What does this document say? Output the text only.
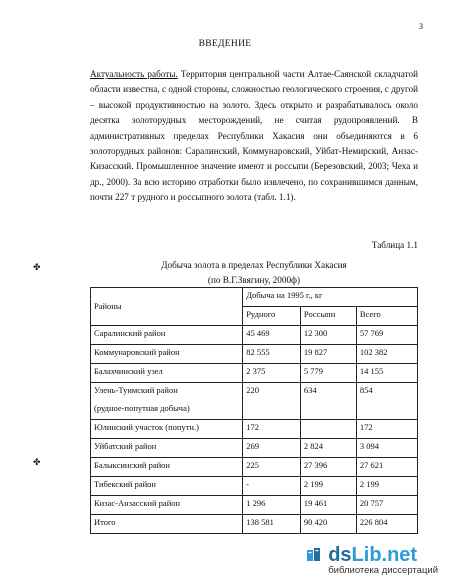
3
ВВЕДЕНИЕ
Актуальность работы. Территория центральной части Алтае-Саянской складчатой области известна, с одной стороны, сложностью геологического строения, с другой – высокой продуктивностью на золото. Здесь открыто и разрабатывалось около десятка золоторудных месторождений, не считая рудопроявлений. В административных пределах Республики Хакасия они объединяются в 6 золоторудных районов: Саралинский, Коммунаровский, Уйбат-Немирский, Анзас-Кизасский. Промышленное значение имеют и россыпи (Березовский, 2003; Чеха и др., 2000). За всю историю отработки было извлечено, по сохранившимся данным, почти 227 т рудного и россыпного золота (табл. 1.1).
✤
✤
Таблица 1.1
Добыча золота в пределах Республики Хакасия
(по В.Г.Звягину, 2000ф)
Районы	Добыча на 1995 г., кг		
	Рудного	Россыпн	Всего
Саралинский район	45 469	12 300	57 769
Коммунаровский район	82 555	19 827	102 382
Балахчинский узел	2 375	5 779	14 155
Улень-Туимский район	220	634	854
(рудное-попутная добыча)			
Юлинский участок (попутн.)	172		172
Уйбатский район	269	2 824	3 094
Балыксинский район	225	27 396	27 621
Тибекский район	-	2 199	2 199
Кизас-Анзасский район	1 296	19 461	20 757
Итого	138 581	90 420	226 804
dsLib.net
библиотека диссертаций
